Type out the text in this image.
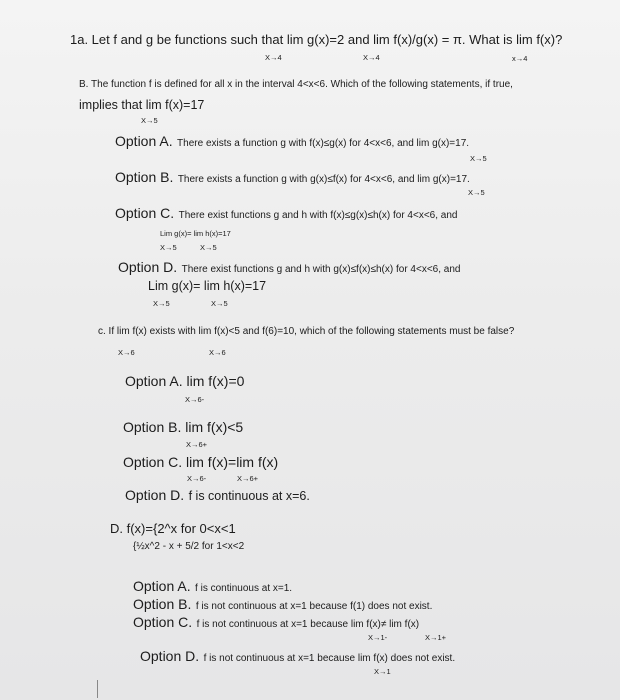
1a. Let f and g be functions such that lim g(x)=2 and lim f(x)/g(x) = π. What is lim f(x)?
X→4	X→4	x→4
B. The function f is defined for all x in the interval 4<x<6. Which of the following statements, if true,
implies that lim f(x)=17
X→5
Option A. There exists a function g with f(x)≤g(x) for 4<x<6, and lim g(x)=17.
X→5
Option B. There exists a function g with g(x)≤f(x) for 4<x<6, and lim g(x)=17.
X→5
Option C. There exist functions g and h with f(x)≤g(x)≤h(x) for 4<x<6, and
Lim g(x)= lim h(x)=17
X→5	X→5
Option D. There exist functions g and h with g(x)≤f(x)≤h(x) for 4<x<6, and
Lim g(x)= lim h(x)=17
X→5	X→5
c. If lim f(x) exists with lim f(x)<5 and f(6)=10, which of the following statements must be false?
X→6	X→6
Option A. lim f(x)=0
X→6-
Option B. lim f(x)<5
X→6+
Option C. lim f(x)=lim f(x)
X→6-	X→6+
Option D. f is continuous at x=6.
D. f(x)={2^x for 0<x<1
{½x^2 - x + 5/2 for 1<x<2
Option A. f is continuous at x=1.
Option B. f is not continuous at x=1 because f(1) does not exist.
Option C. f is not continuous at x=1 because lim f(x)≠ lim f(x)
X→1-	X→1+
Option D. f is not continuous at x=1 because lim f(x) does not exist.
X→1
